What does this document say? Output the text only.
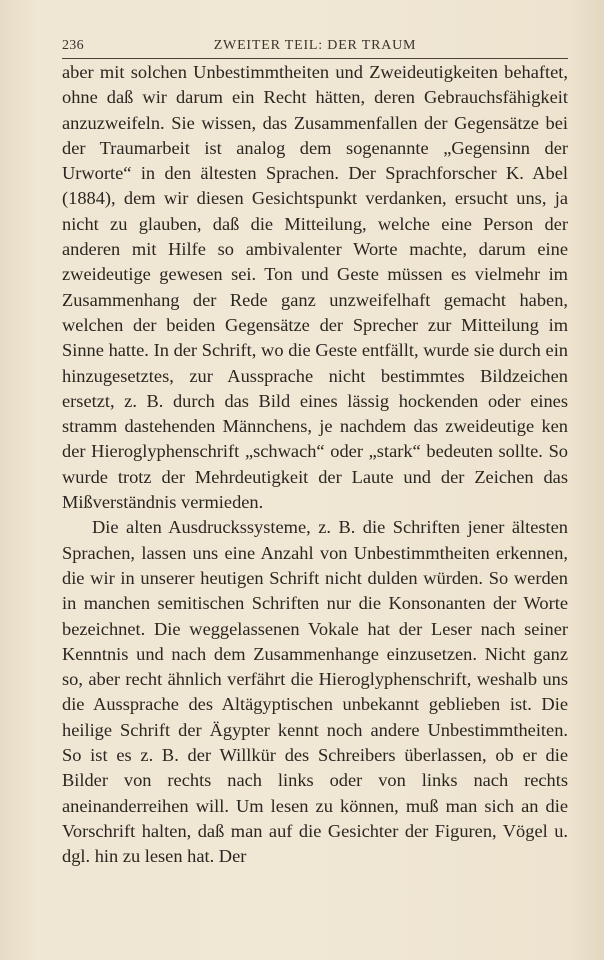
236	ZWEITER TEIL: DER TRAUM

aber mit solchen Unbestimmtheiten und Zweideutigkeiten behaftet, ohne daß wir darum ein Recht hätten, deren Gebrauchsfähigkeit anzuzweifeln. Sie wissen, das Zusammenfallen der Gegensätze bei der Traumarbeit ist analog dem sogenannte „Gegensinn der Urworte“ in den ältesten Sprachen. Der Sprachforscher K. Abel (1884), dem wir diesen Gesichtspunkt verdanken, ersucht uns, ja nicht zu glauben, daß die Mitteilung, welche eine Person der anderen mit Hilfe so ambivalenter Worte machte, darum eine zweideutige gewesen sei. Ton und Geste müssen es vielmehr im Zusammenhang der Rede ganz unzweifelhaft gemacht haben, welchen der beiden Gegensätze der Sprecher zur Mitteilung im Sinne hatte. In der Schrift, wo die Geste entfällt, wurde sie durch ein hinzugesetztes, zur Aussprache nicht bestimmtes Bildzeichen ersetzt, z. B. durch das Bild eines lässig hockenden oder eines stramm dastehenden Männchens, je nachdem das zweideutige ken der Hieroglyphenschrift „schwach“ oder „stark“ bedeuten sollte. So wurde trotz der Mehrdeutigkeit der Laute und der Zeichen das Mißverständnis vermieden.

Die alten Ausdruckssysteme, z. B. die Schriften jener ältesten Sprachen, lassen uns eine Anzahl von Unbestimmtheiten erkennen, die wir in unserer heutigen Schrift nicht dulden würden. So werden in manchen semitischen Schriften nur die Konsonanten der Worte bezeichnet. Die weggelassenen Vokale hat der Leser nach seiner Kenntnis und nach dem Zusammenhange einzusetzen. Nicht ganz so, aber recht ähnlich verfährt die Hieroglyphenschrift, weshalb uns die Aussprache des Altägyptischen unbekannt geblieben ist. Die heilige Schrift der Ägypter kennt noch andere Unbestimmtheiten. So ist es z. B. der Willkür des Schreibers überlassen, ob er die Bilder von rechts nach links oder von links nach rechts aneinanderreihen will. Um lesen zu können, muß man sich an die Vorschrift halten, daß man auf die Gesichter der Figuren, Vögel u. dgl. hin zu lesen hat. Der
